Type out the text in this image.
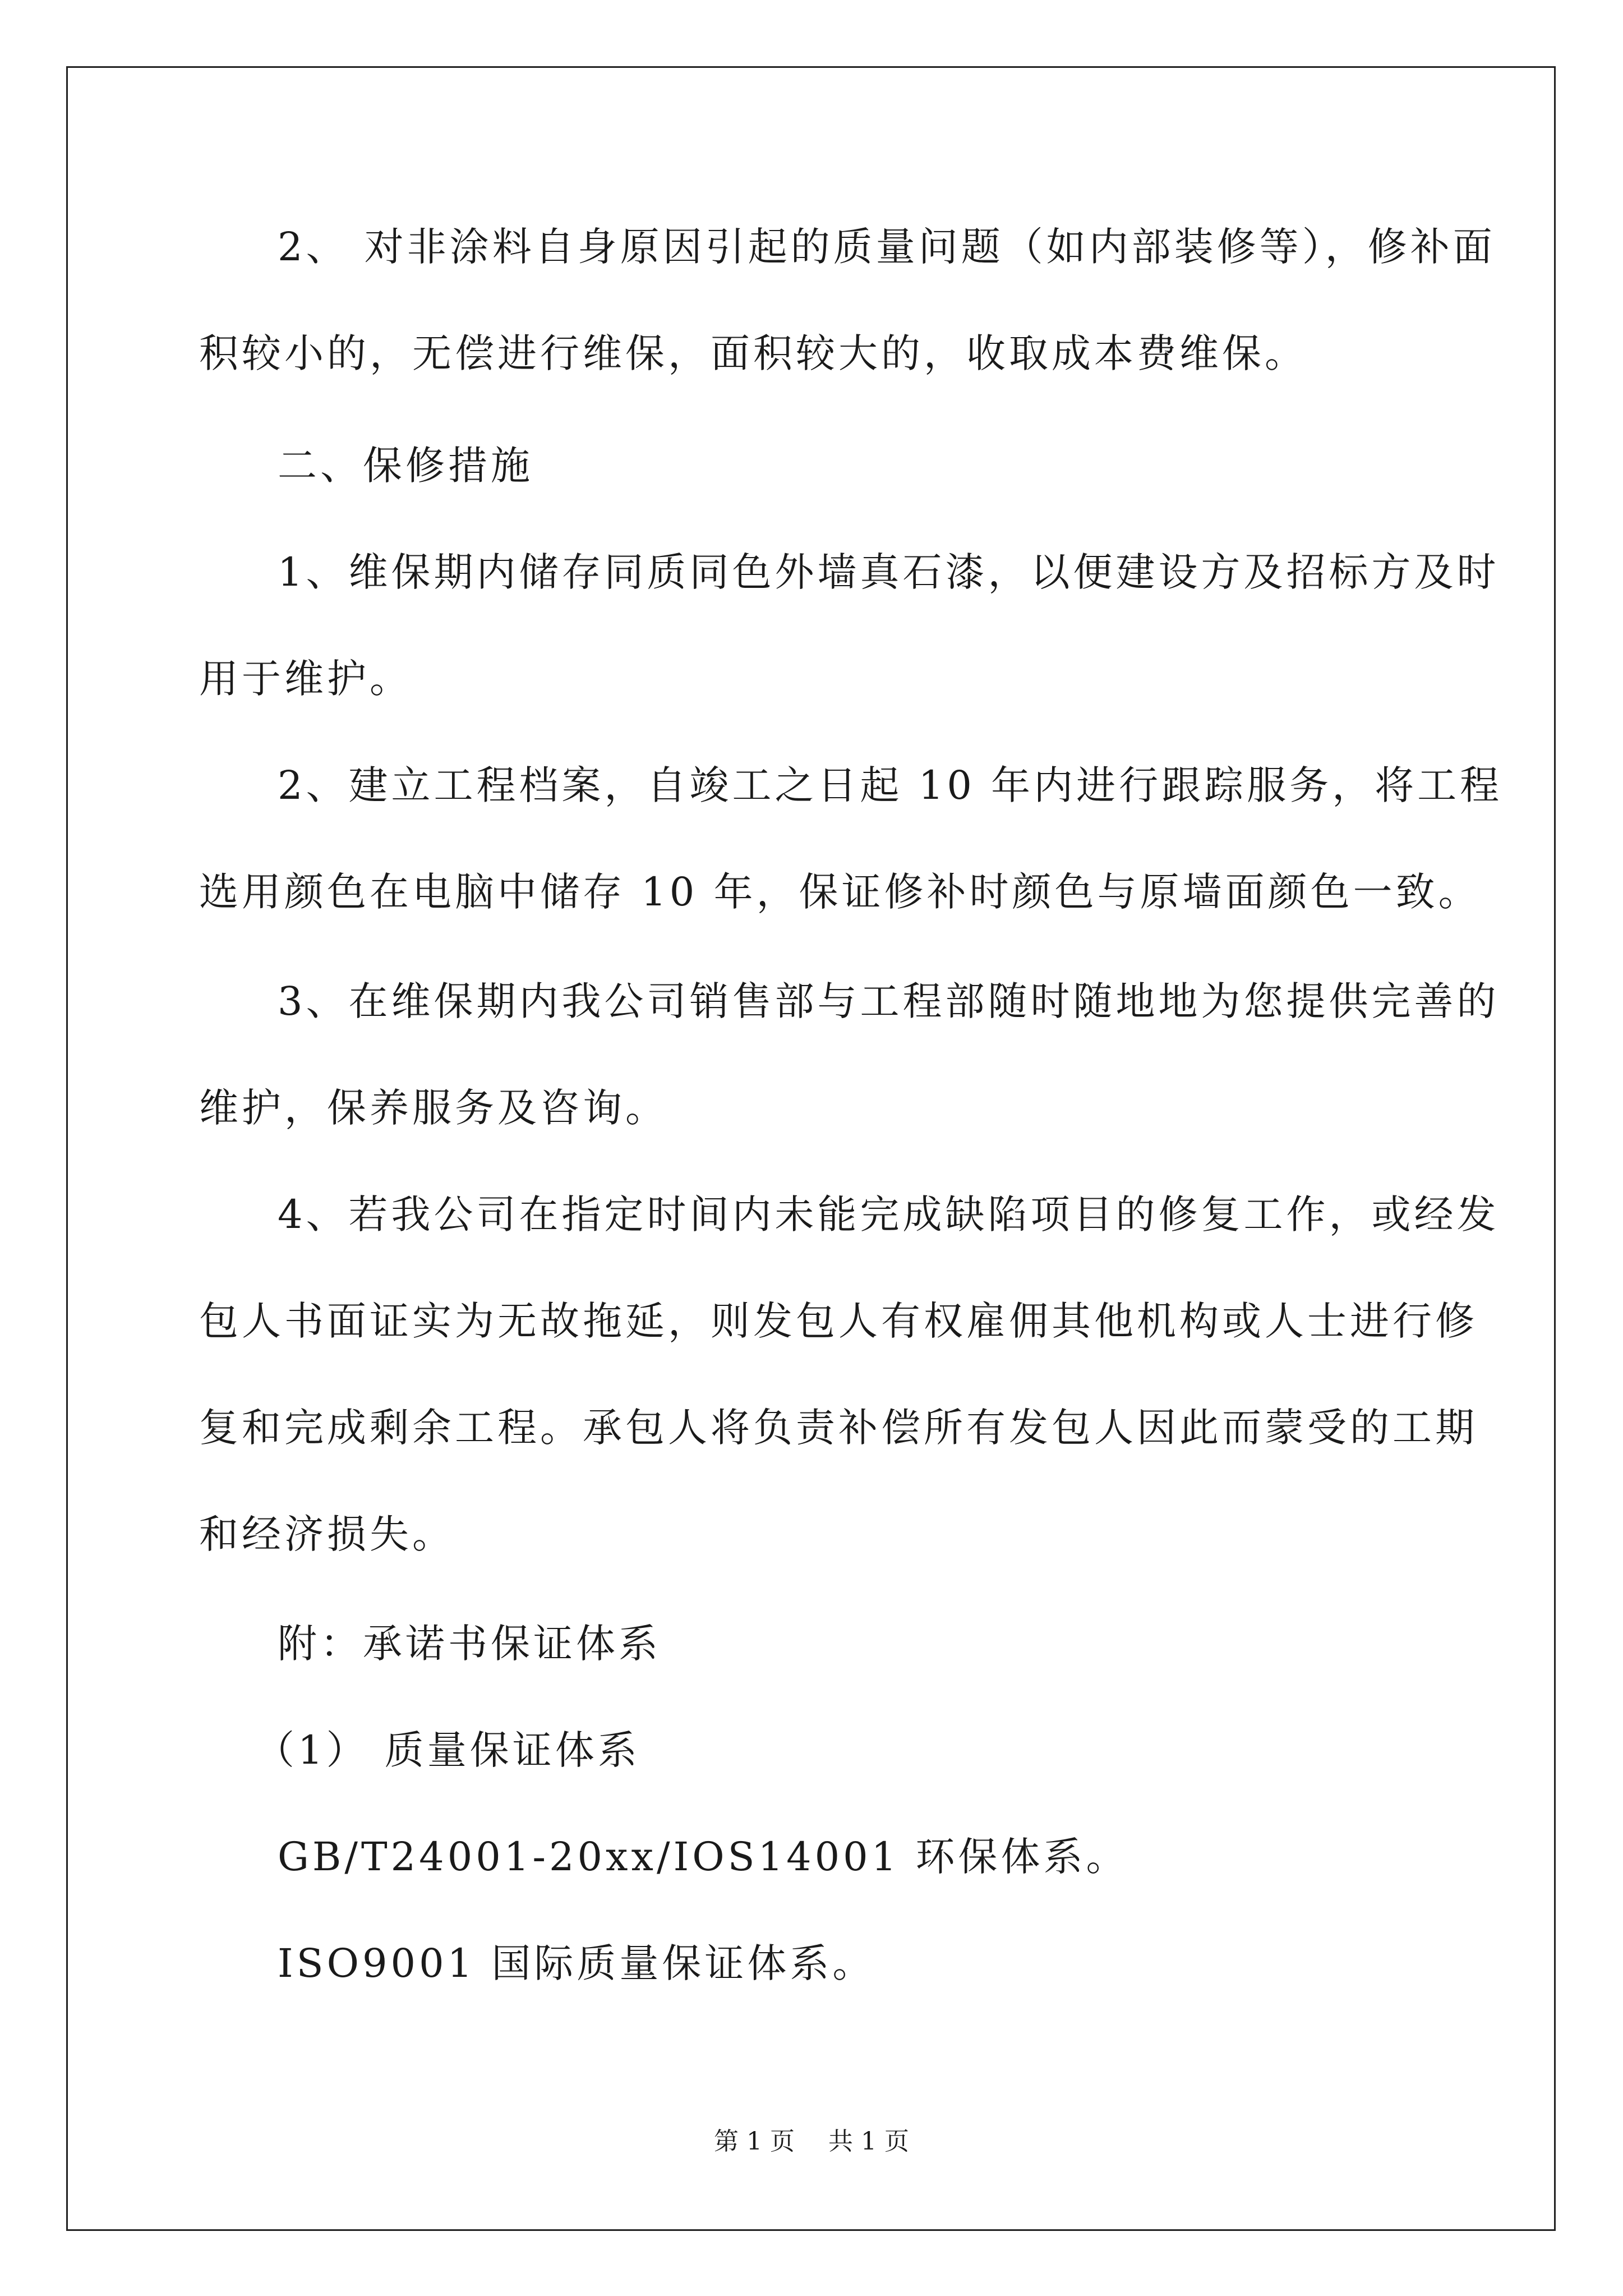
2、 对非涂料自身原因引起的质量问题（如内部装修等），修补面
积较小的，无偿进行维保，面积较大的，收取成本费维保。
二、保修措施
1、维保期内储存同质同色外墙真石漆，以便建设方及招标方及时
用于维护。
2、建立工程档案，自竣工之日起 10 年内进行跟踪服务，将工程
选用颜色在电脑中储存 10 年，保证修补时颜色与原墙面颜色一致。
3、在维保期内我公司销售部与工程部随时随地地为您提供完善的
维护，保养服务及咨询。
4、若我公司在指定时间内未能完成缺陷项目的修复工作，或经发
包人书面证实为无故拖延，则发包人有权雇佣其他机构或人士进行修
复和完成剩余工程。承包人将负责补偿所有发包人因此而蒙受的工期
和经济损失。
附：承诺书保证体系
（1） 质量保证体系
GB/T24001-20xx/IOS14001 环保体系。
ISO9001 国际质量保证体系。
第 1 页 共 1 页
